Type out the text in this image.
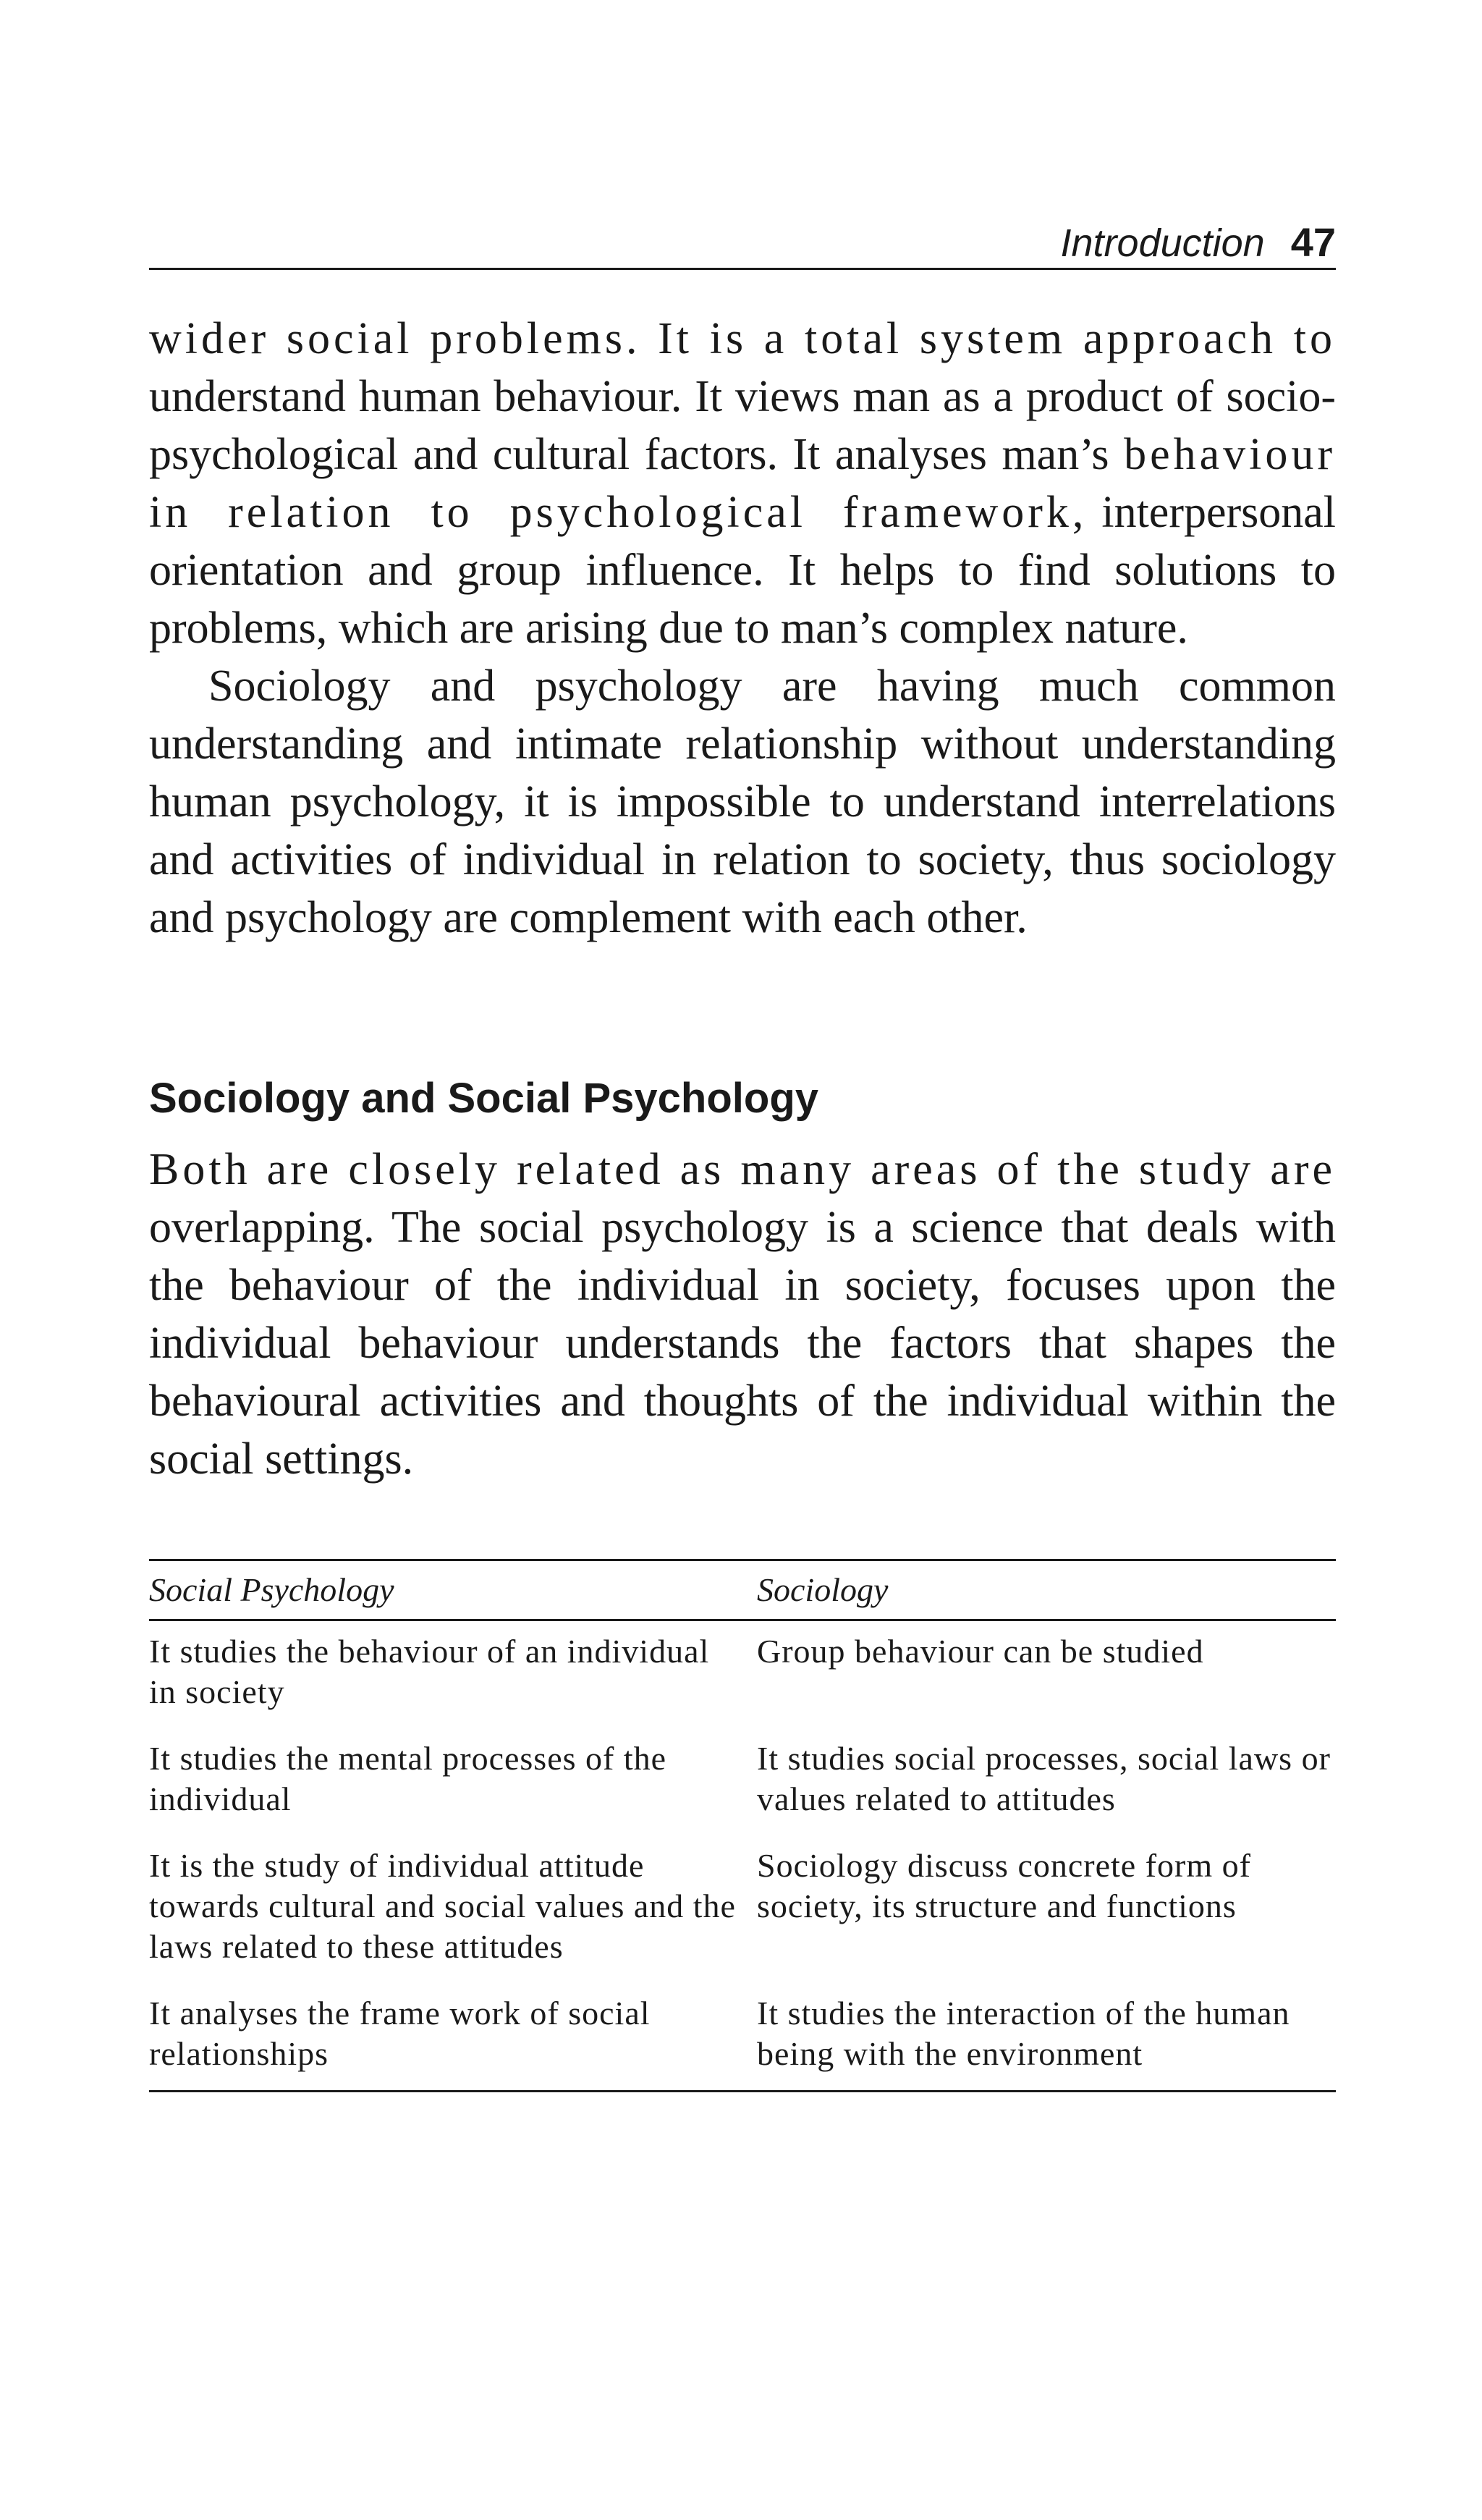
Introduction 47

wider social problems. It is a total system approach to understand human behaviour. It views man as a product of socio-psychological and cultural factors. It analyses man’s behaviour in relation to psychological framework, interpersonal orientation and group influence. It helps to find solutions to problems, which are arising due to man’s complex nature.

Sociology and psychology are having much common understanding and intimate relationship without understanding human psychology, it is impossible to understand interrelations and activities of individual in relation to society, thus sociology and psychology are complement with each other.

Sociology and Social Psychology

Both are closely related as many areas of the study are overlapping. The social psychology is a science that deals with the behaviour of the individual in society, focuses upon the individual behaviour understands the factors that shapes the behavioural activities and thoughts of the individual within the social settings.

Social Psychology	Sociology
It studies the behaviour of an individual in society	Group behaviour can be studied
It studies the mental processes of the individual	It studies social processes, social laws or values related to attitudes
It is the study of individual attitude towards cultural and social values and the laws related to these attitudes	Sociology discuss concrete form of society, its structure and functions
It analyses the frame work of social relationships	It studies the interaction of the human being with the environment
